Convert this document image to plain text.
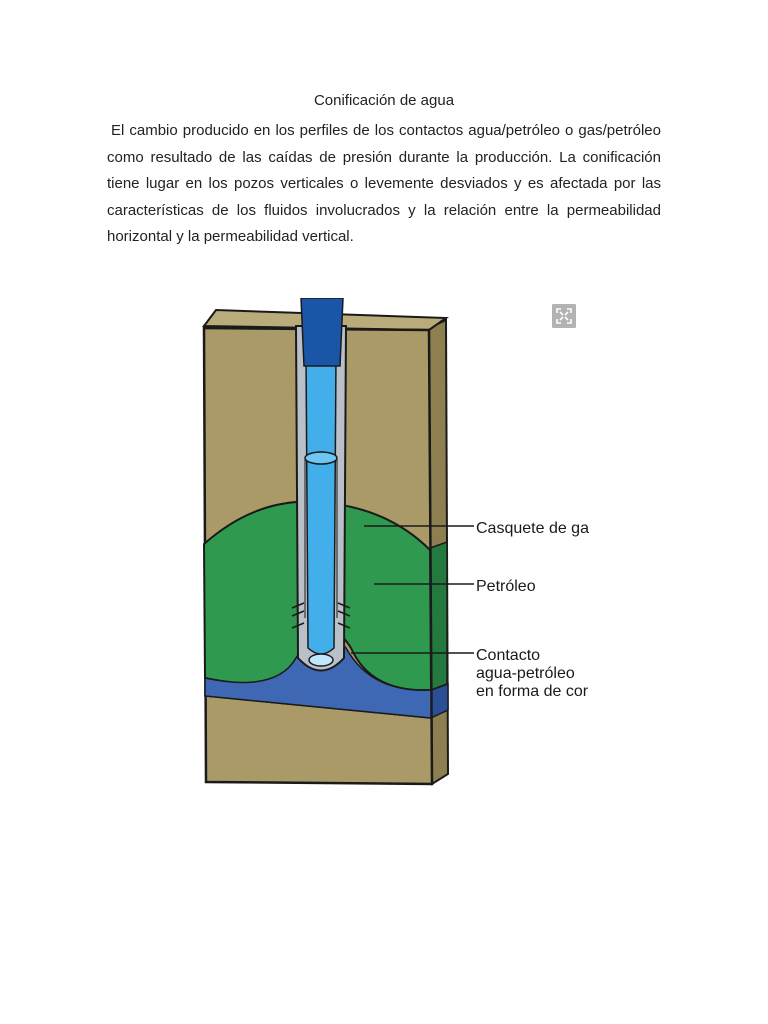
Conificación de agua

El cambio producido en los perfiles de los contactos agua/petróleo o gas/petróleo como resultado de las caídas de presión durante la producción. La conificación tiene lugar en los pozos verticales o levemente desviados y es afectada por las características de los fluidos involucrados y la relación entre la permeabilidad horizontal y la permeabilidad vertical.

Casquete de ga
Petróleo
Contacto
agua-petróleo
en forma de cor
